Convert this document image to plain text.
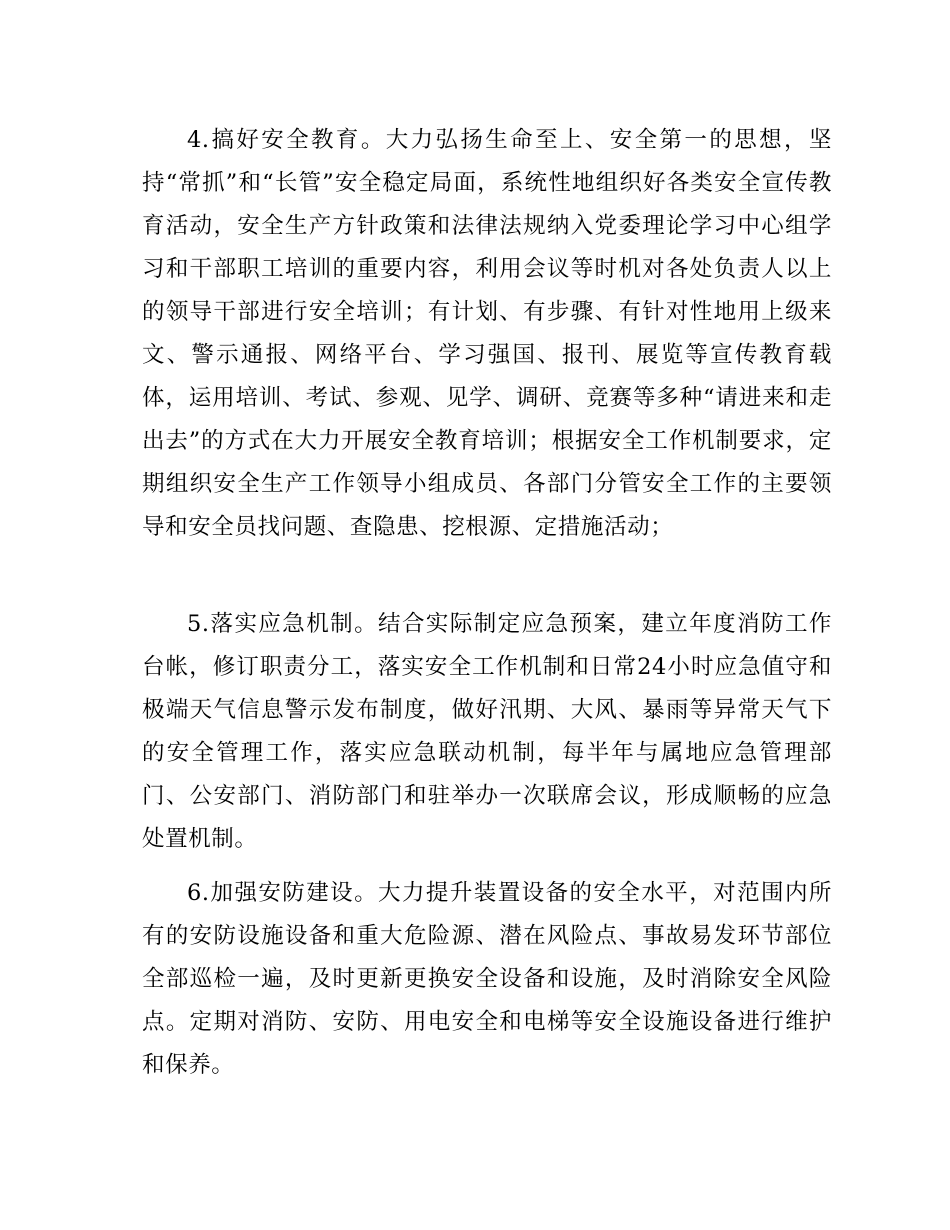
4.搞好安全教育。大力弘扬生命至上、安全第一的思想，坚持“常抓”和“长管”安全稳定局面，系统性地组织好各类安全宣传教育活动，安全生产方针政策和法律法规纳入党委理论学习中心组学习和干部职工培训的重要内容，利用会议等时机对各处负责人以上的领导干部进行安全培训；有计划、有步骤、有针对性地用上级来文、警示通报、网络平台、学习强国、报刊、展览等宣传教育载体，运用培训、考试、参观、见学、调研、竞赛等多种“请进来和走出去”的方式在大力开展安全教育培训；根据安全工作机制要求，定期组织安全生产工作领导小组成员、各部门分管安全工作的主要领导和安全员找问题、查隐患、挖根源、定措施活动；

5.落实应急机制。结合实际制定应急预案，建立年度消防工作台帐，修订职责分工，落实安全工作机制和日常24小时应急值守和极端天气信息警示发布制度，做好汛期、大风、暴雨等异常天气下的安全管理工作，落实应急联动机制，每半年与属地应急管理部门、公安部门、消防部门和驻举办一次联席会议，形成顺畅的应急处置机制。

6.加强安防建设。大力提升装置设备的安全水平，对范围内所有的安防设施设备和重大危险源、潜在风险点、事故易发环节部位全部巡检一遍，及时更新更换安全设备和设施，及时消除安全风险点。定期对消防、安防、用电安全和电梯等安全设施设备进行维护和保养。
